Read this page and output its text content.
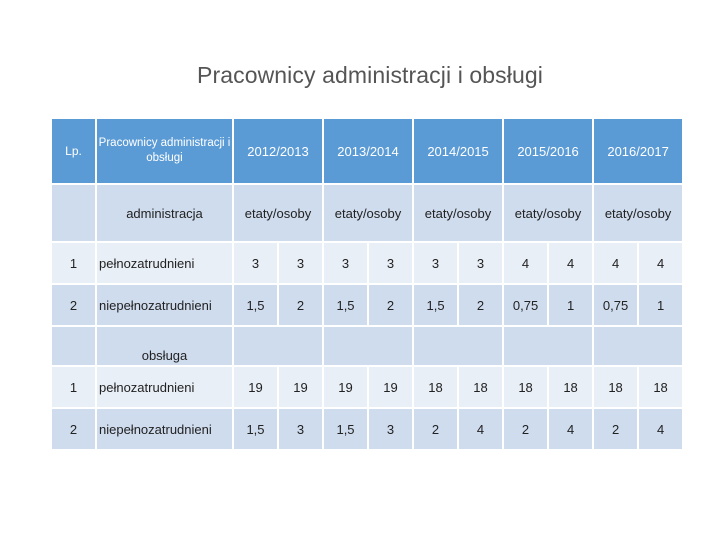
Pracownicy administracji i obsługi
Lp.	Pracownicy administracji i obsługi	2012/2013		2013/2014		2014/2015		2015/2016		2016/2017	
	administracja	etaty/osoby		etaty/osoby		etaty/osoby		etaty/osoby		etaty/osoby	
1	pełnozatrudnieni	3	3	3	3	3	3	4	4	4	4
2	niepełnozatrudnieni	1,5	2	1,5	2	1,5	2	0,75	1	0,75	1
	obsługa										
1	pełnozatrudnieni	19	19	19	19	18	18	18	18	18	18
2	niepełnozatrudnieni	1,5	3	1,5	3	2	4	2	4	2	4
